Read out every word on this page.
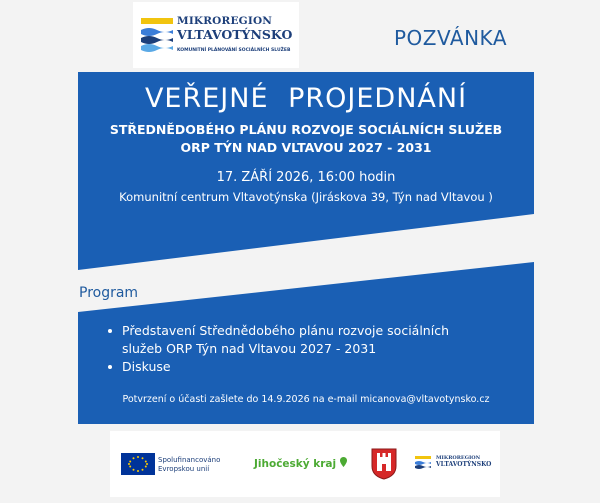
MIKROREGION
VLTAVOTÝNSKO
KOMUNITNÍ PLÁNOVÁNÍ SOCIÁLNÍCH SLUŽEB
POZVÁNKA
VEŘEJNÉ PROJEDNÁNÍ
STŘEDNĚDOBÉHO PLÁNU ROZVOJE SOCIÁLNÍCH SLUŽEB
ORP TÝN NAD VLTAVOU 2027 - 2031
17. ZÁŘÍ 2026, 16:00 hodin
Komunitní centrum Vltavotýnska (Jiráskova 39, Týn nad Vltavou )
Program
Představení Střednědobého plánu rozvoje sociálních
služeb ORP Týn nad Vltavou 2027 - 2031
Diskuse
Potvrzení o účasti zašlete do 14.9.2026 na e-mail micanova@vltavotynsko.cz
Spolufinancováno
Evropskou unií	Jihočeský kraj	MIKROREGION
VLTAVOTÝNSKO
